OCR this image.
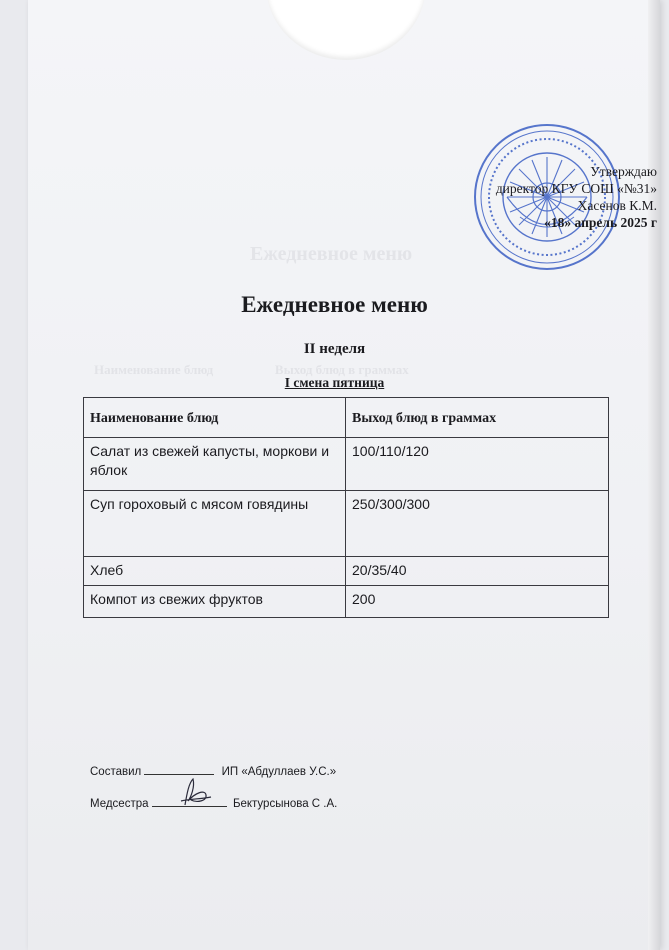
Ежедневное меню
Наименование блюд                   Выход блюд в граммах
Утверждаю
директор КГУ СОШ «№31»
Хасенов К.М.
«18» апрель 2025 г
Ежедневное меню
II неделя
I смена пятница
Наименование блюд	Выход блюд в граммах
Салат из свежей капусты, моркови и яблок	100/110/120
Суп гороховый с мясом говядины	250/300/300
Хлеб	20/35/40
Компот из свежих фруктов	200
Составил	ИП «Абдуллаев У.С.»
Медсестра	Бектурсынова С .А.
